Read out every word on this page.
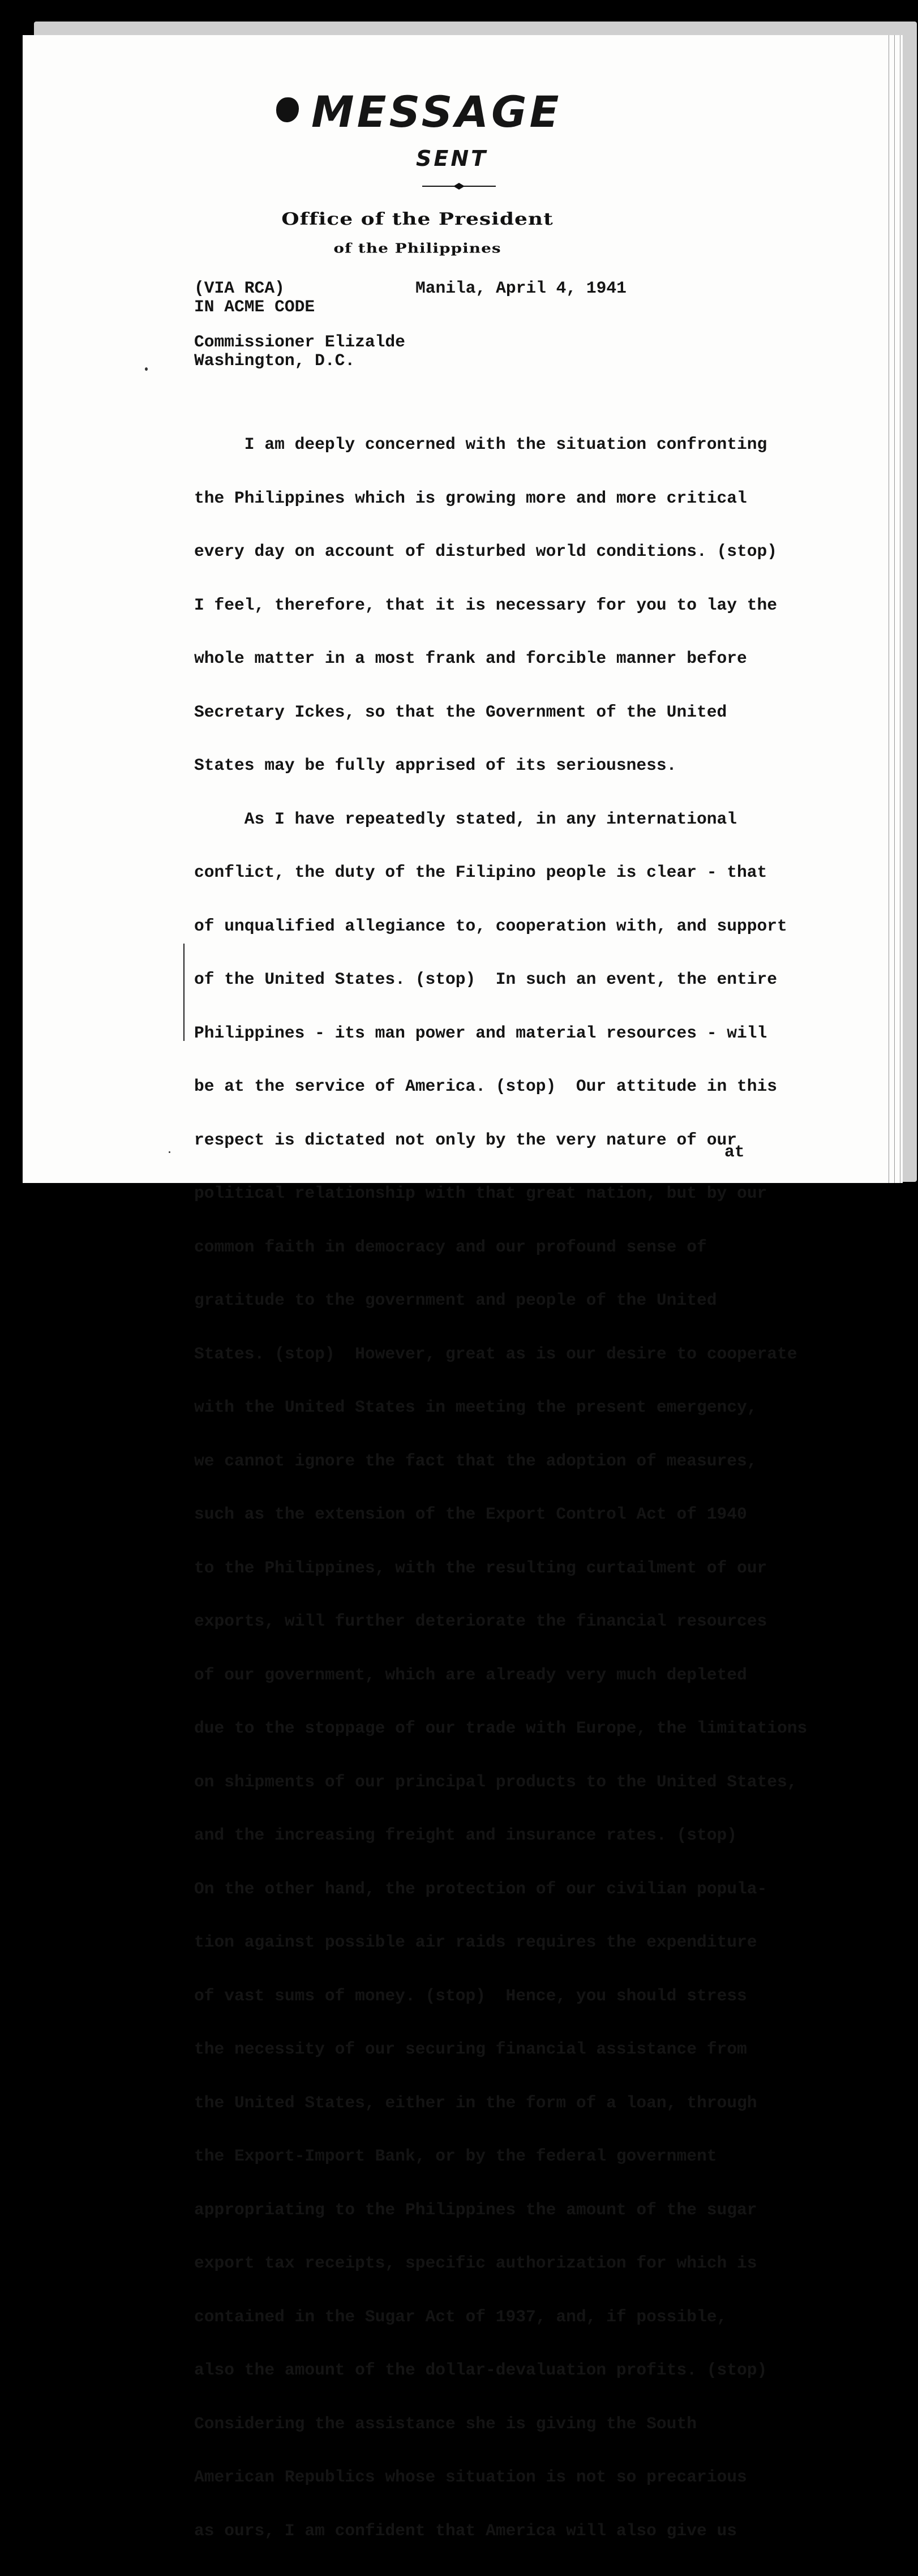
MESSAGE
SENT

Office of the President

of the Philippines

(VIA RCA)

IN ACME CODE

Manila, April 4, 1941

Commissioner Elizalde

Washington, D.C.

I am deeply concerned with the situation confronting

the Philippines which is growing more and more critical

every day on account of disturbed world conditions. (stop)

I feel, therefore, that it is necessary for you to lay the

whole matter in a most frank and forcible manner before

Secretary Ickes, so that the Government of the United

States may be fully apprised of its seriousness.

As I have repeatedly stated, in any international

conflict, the duty of the Filipino people is clear - that

of unqualified allegiance to, cooperation with, and support

of the United States. (stop)  In such an event, the entire

Philippines - its man power and material resources - will

be at the service of America. (stop)  Our attitude in this

respect is dictated not only by the very nature of our

political relationship with that great nation, but by our

common faith in democracy and our profound sense of

gratitude to the government and people of the United

States. (stop)  However, great as is our desire to cooperate

with the United States in meeting the present emergency,

we cannot ignore the fact that the adoption of measures,

such as the extension of the Export Control Act of 1940

to the Philippines, with the resulting curtailment of our

exports, will further deteriorate the financial resources

of our government, which are already very much depleted

due to the stoppage of our trade with Europe, the limitations

on shipments of our principal products to the United States,

and the increasing freight and insurance rates. (stop)

On the other hand, the protection of our civilian popula-

tion against possible air raids requires the expenditure

of vast sums of money. (stop)  Hence, you should stress

the necessity of our securing financial assistance from

the United States, either in the form of a loan, through

the Export-Import Bank, or by the federal government

appropriating to the Philippines the amount of the sugar

export tax receipts, specific authorization for which is

contained in the Sugar Act of 1937, and, if possible,

also the amount of the dollar-devaluation profits. (stop)

Considering the assistance she is giving the South

American Republics whose situation is not so precarious

as ours, I am confident that America will also give us

at
